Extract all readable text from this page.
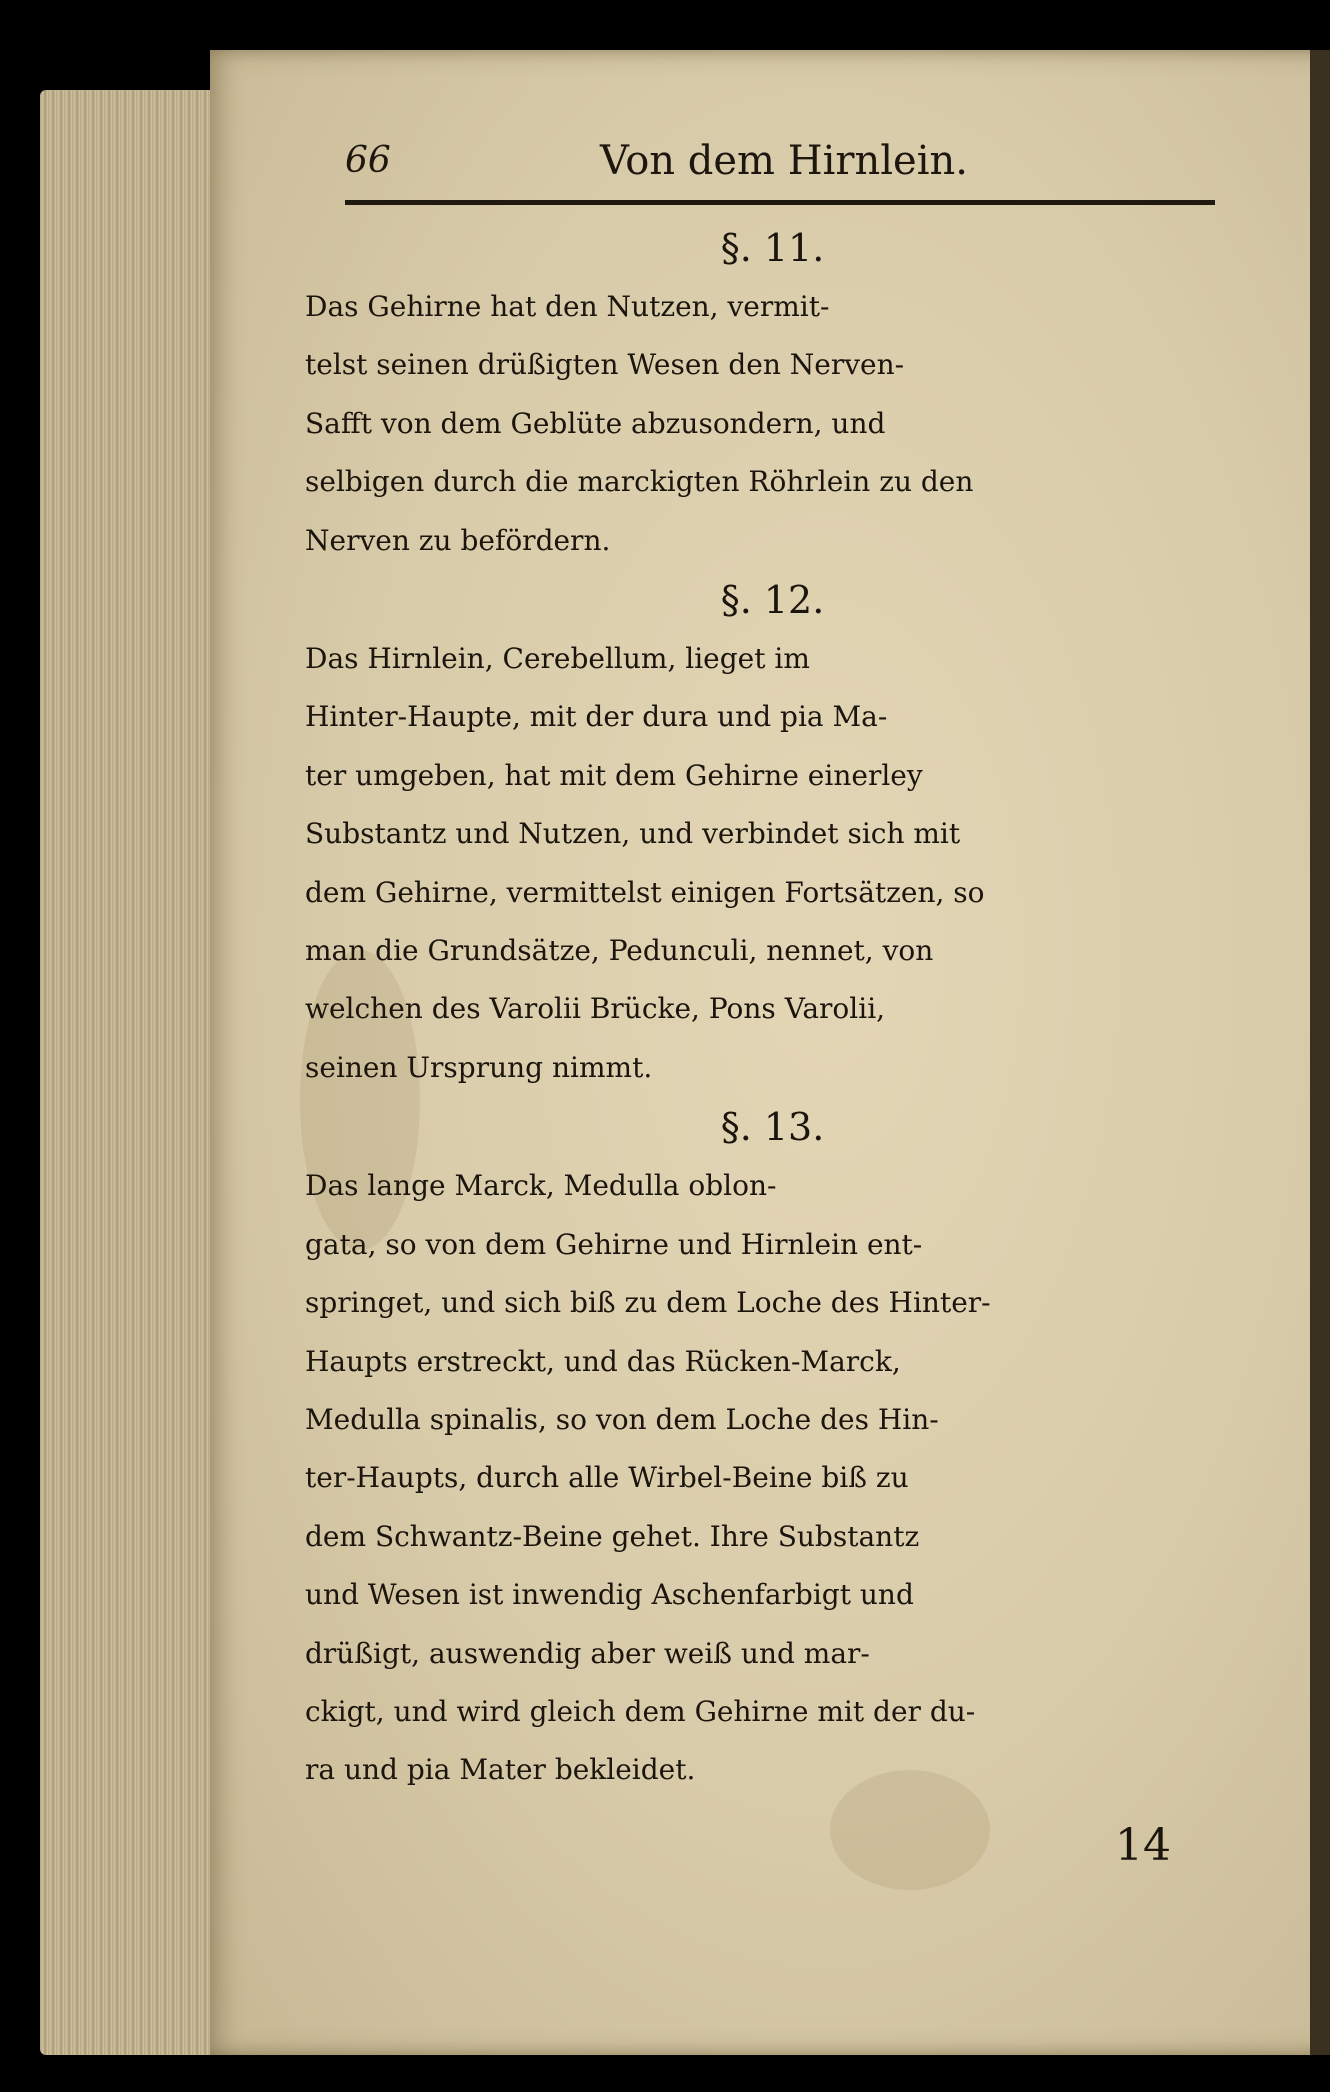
66	Von dem Hirnlein.
§. 11.

Das Gehirne hat den Nutzen, vermit-
telst seinen drüßigten Wesen den Nerven-
Safft von dem Geblüte abzusondern, und
selbigen durch die marckigten Röhrlein zu den
Nerven zu befördern.

§. 12.

Das Hirnlein, Cerebellum, lieget im
Hinter-Haupte, mit der dura und pia Ma-
ter umgeben, hat mit dem Gehirne einerley
Substantz und Nutzen, und verbindet sich mit
dem Gehirne, vermittelst einigen Fortsätzen, so
man die Grundsätze, Pedunculi, nennet, von
welchen des Varolii Brücke, Pons Varolii,
seinen Ursprung nimmt.

§. 13.

Das lange Marck, Medulla oblon-
gata, so von dem Gehirne und Hirnlein ent-
springet, und sich biß zu dem Loche des Hinter-
Haupts erstreckt, und das Rücken-Marck,
Medulla spinalis, so von dem Loche des Hin-
ter-Haupts, durch alle Wirbel-Beine biß zu
dem Schwantz-Beine gehet. Ihre Substantz
und Wesen ist inwendig Aschenfarbigt und
drüßigt, auswendig aber weiß und mar-
ckigt, und wird gleich dem Gehirne mit der du-
ra und pia Mater bekleidet.

14
